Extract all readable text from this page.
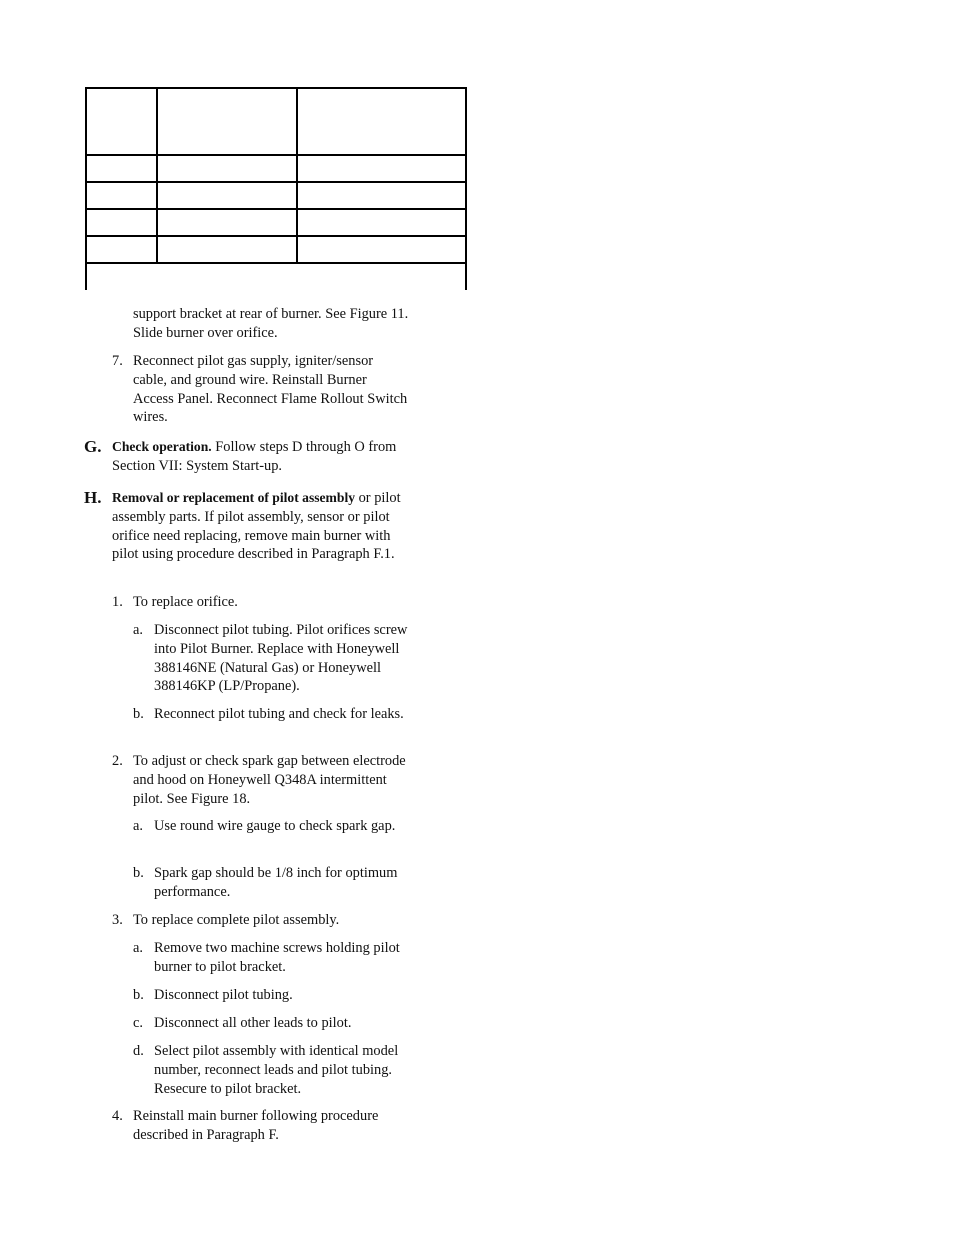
support bracket at rear of burner. See Figure 11. Slide burner over orifice.

7. Reconnect pilot gas supply, igniter/sensor cable, and ground wire. Reinstall Burner Access Panel. Reconnect Flame Rollout Switch wires.

G. Check operation. Follow steps D through O from Section VII: System Start-up.

H. Removal or replacement of pilot assembly or pilot assembly parts. If pilot assembly, sensor or pilot orifice need replacing, remove main burner with pilot using procedure described in Paragraph F.1.

1. To replace orifice.

a. Disconnect pilot tubing. Pilot orifices screw into Pilot Burner. Replace with Honeywell 388146NE (Natural Gas) or Honeywell 388146KP (LP/Propane).

b. Reconnect pilot tubing and check for leaks.

2. To adjust or check spark gap between electrode and hood on Honeywell Q348A intermittent pilot. See Figure 18.

a. Use round wire gauge to check spark gap.

b. Spark gap should be 1/8 inch for optimum performance.

3. To replace complete pilot assembly.

a. Remove two machine screws holding pilot burner to pilot bracket.

b. Disconnect pilot tubing.

c. Disconnect all other leads to pilot.

d. Select pilot assembly with identical model number, reconnect leads and pilot tubing. Resecure to pilot bracket.

4. Reinstall main burner following procedure described in Paragraph F.
